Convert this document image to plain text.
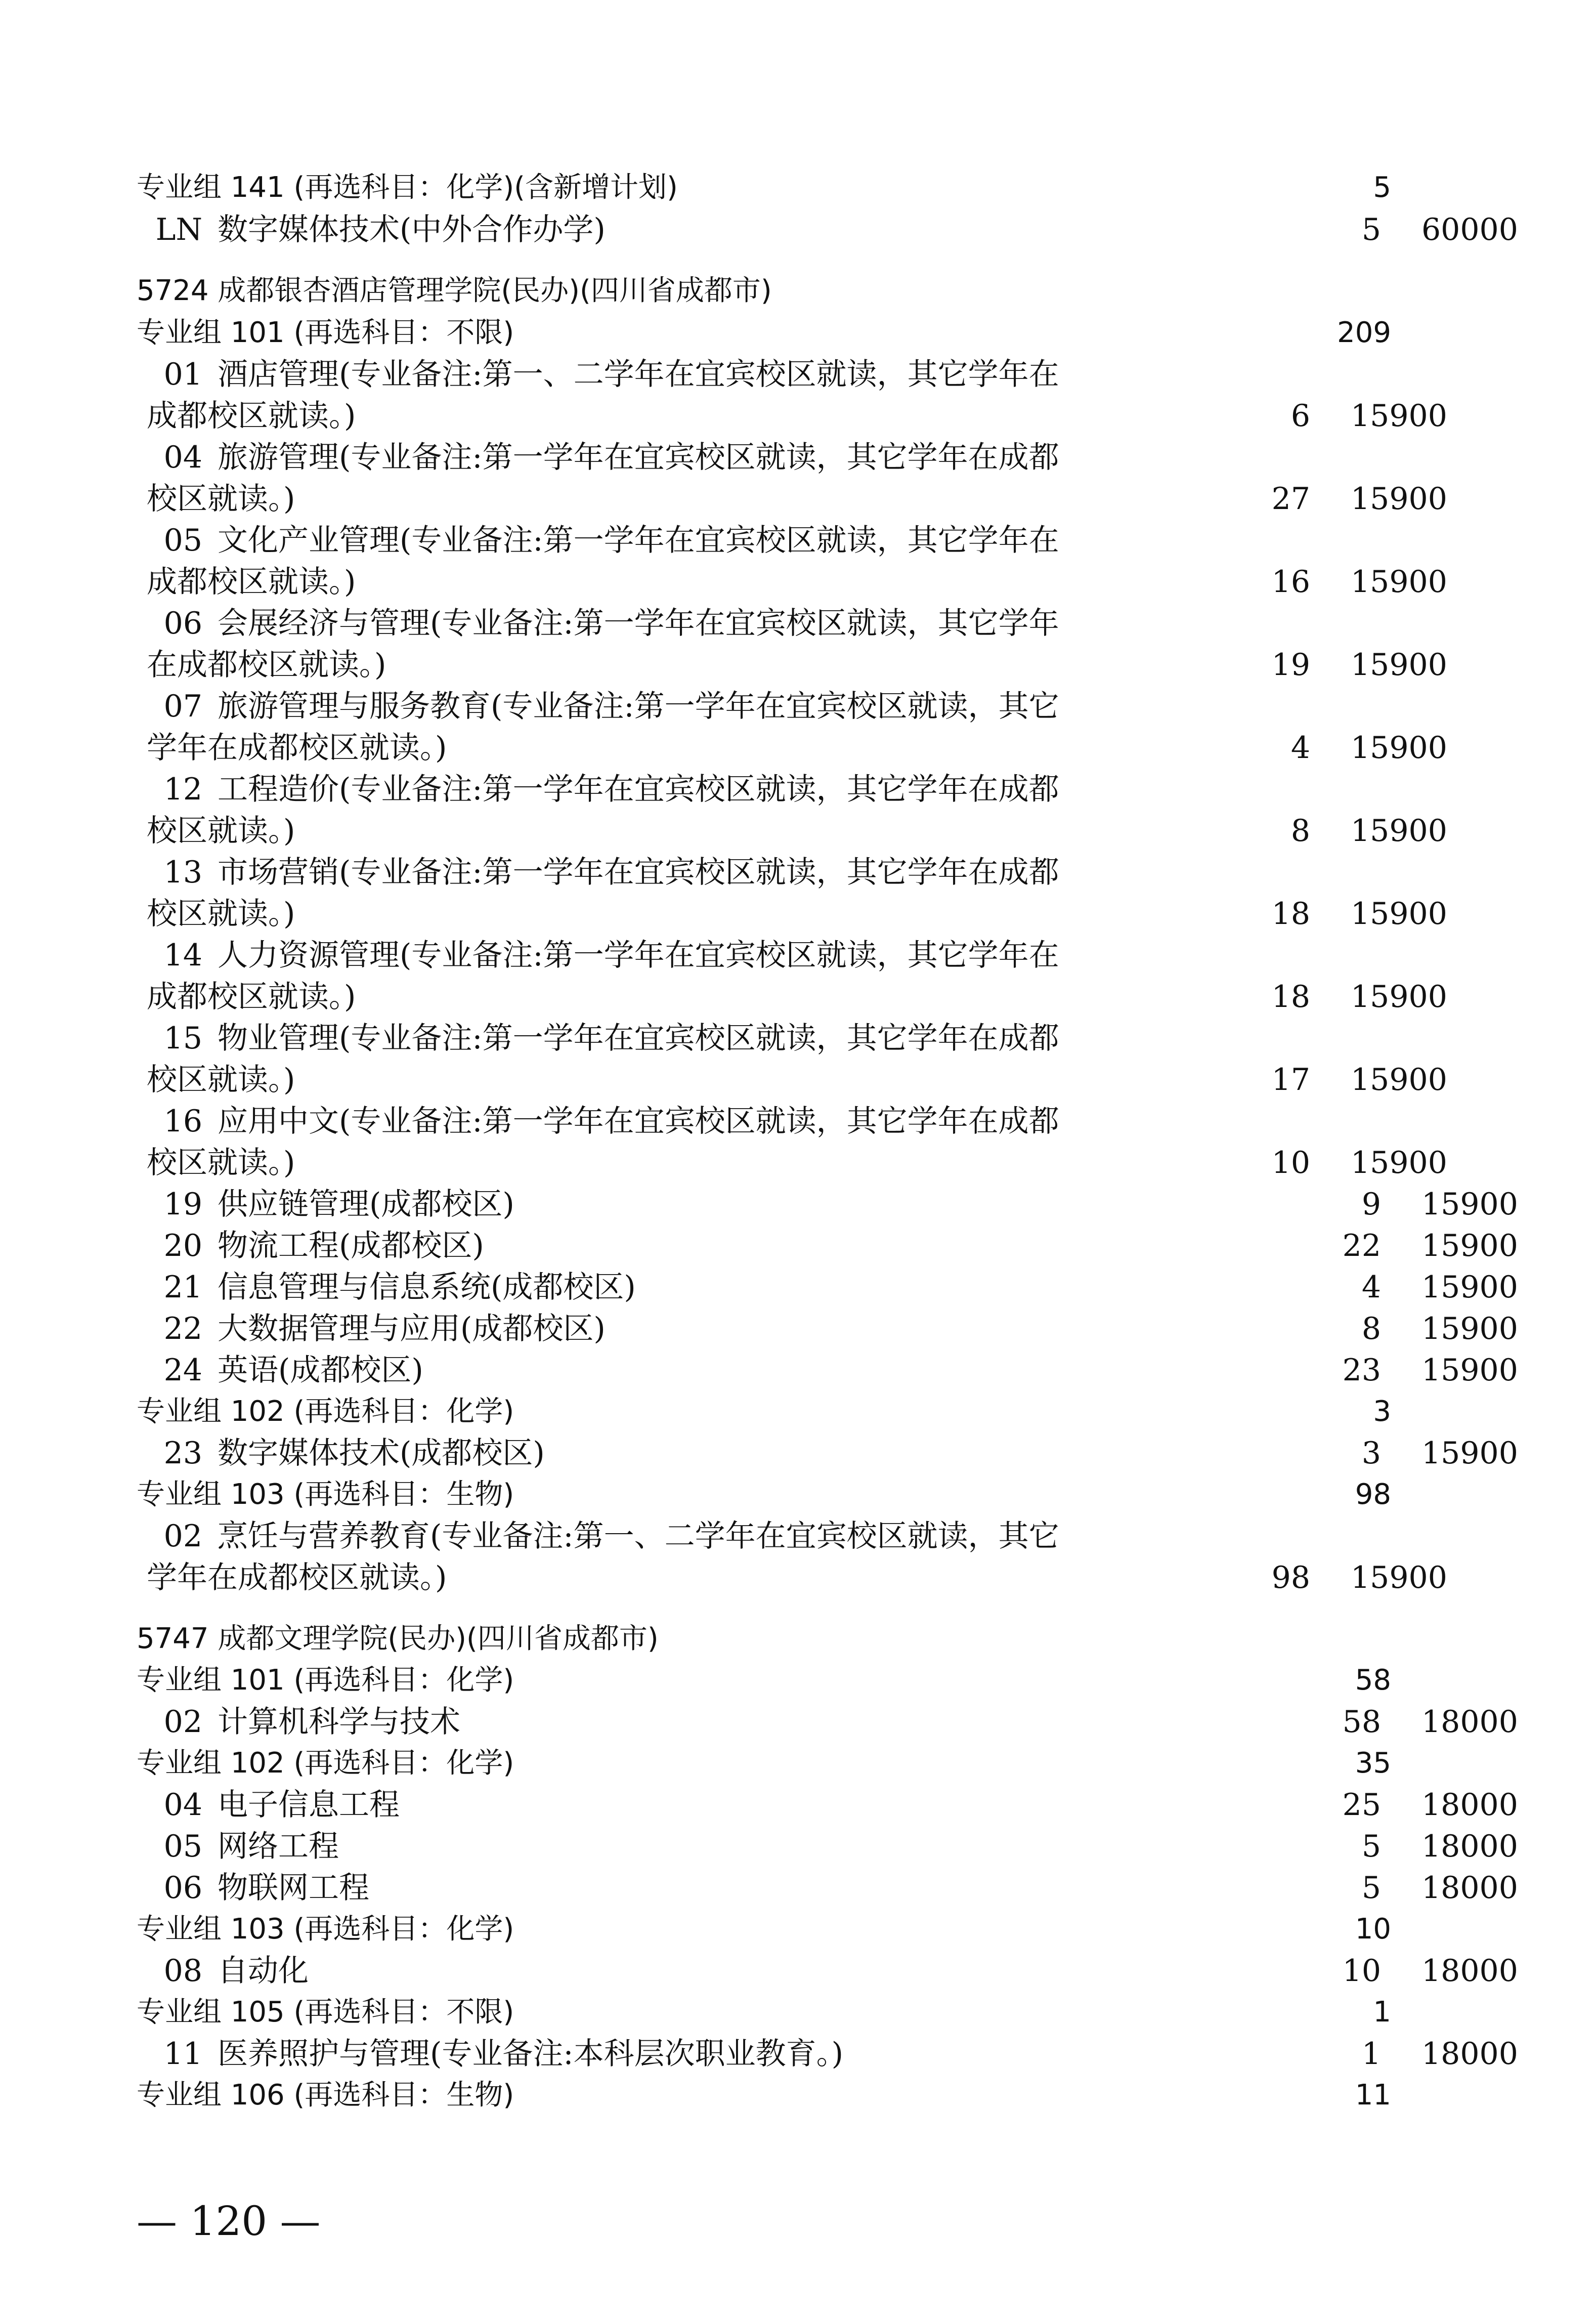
专业组 141 (再选科目：化学)(含新增计划)	5
LN 数字媒体技术(中外合作办学)	5 60000
5724 成都银杏酒店管理学院(民办)(四川省成都市)
专业组 101 (再选科目：不限)	209
01 酒店管理(专业备注:第一、二学年在宜宾校区就读，其它学年在
成都校区就读。)	6 15900
04 旅游管理(专业备注:第一学年在宜宾校区就读，其它学年在成都
校区就读。)	27 15900
05 文化产业管理(专业备注:第一学年在宜宾校区就读，其它学年在
成都校区就读。)	16 15900
06 会展经济与管理(专业备注:第一学年在宜宾校区就读，其它学年
在成都校区就读。)	19 15900
07 旅游管理与服务教育(专业备注:第一学年在宜宾校区就读，其它
学年在成都校区就读。)	4 15900
12 工程造价(专业备注:第一学年在宜宾校区就读，其它学年在成都
校区就读。)	8 15900
13 市场营销(专业备注:第一学年在宜宾校区就读，其它学年在成都
校区就读。)	18 15900
14 人力资源管理(专业备注:第一学年在宜宾校区就读，其它学年在
成都校区就读。)	18 15900
15 物业管理(专业备注:第一学年在宜宾校区就读，其它学年在成都
校区就读。)	17 15900
16 应用中文(专业备注:第一学年在宜宾校区就读，其它学年在成都
校区就读。)	10 15900
19 供应链管理(成都校区)	9 15900
20 物流工程(成都校区)	22 15900
21 信息管理与信息系统(成都校区)	4 15900
22 大数据管理与应用(成都校区)	8 15900
24 英语(成都校区)	23 15900
专业组 102 (再选科目：化学)	3
23 数字媒体技术(成都校区)	3 15900
专业组 103 (再选科目：生物)	98
02 烹饪与营养教育(专业备注:第一、二学年在宜宾校区就读，其它
学年在成都校区就读。)	98 15900
5747 成都文理学院(民办)(四川省成都市)
专业组 101 (再选科目：化学)	58
02 计算机科学与技术	58 18000
专业组 102 (再选科目：化学)	35
04 电子信息工程	25 18000
05 网络工程	5 18000
06 物联网工程	5 18000
专业组 103 (再选科目：化学)	10
08 自动化	10 18000
专业组 105 (再选科目：不限)	1
11 医养照护与管理(专业备注:本科层次职业教育。)	1 18000
专业组 106 (再选科目：生物)	11
— 120 —
